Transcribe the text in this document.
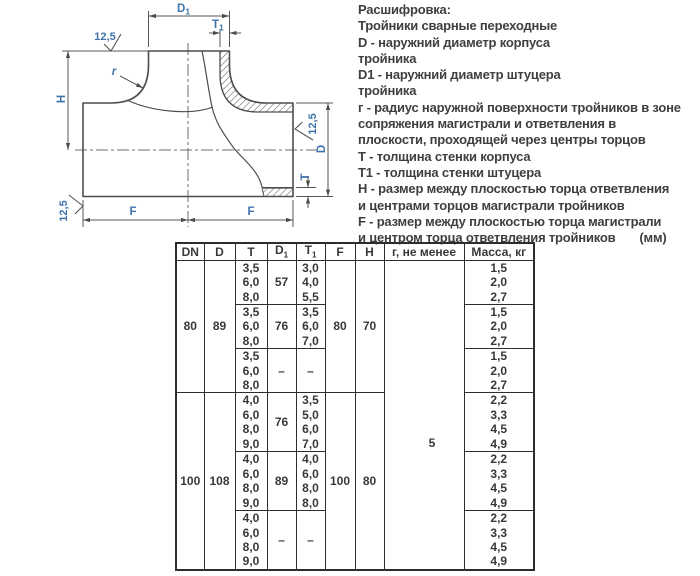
$D_1$
$T_1$
12,5
r
H
12,5
D
T
F	F
12,5
Расшифровка:
Тройники сварные переходные
D - наружний диаметр корпуса
тройника
D1 - наружний диаметр штуцера
тройника
г - радиус наружной поверхности тройников в зоне
сопряжения магистрали и ответвления в
плоскости, проходящей через центры торцов
T - толщина стенки корпуса
T1 - толщина стенки штуцера
H - размер между плоскостью торца ответвления
и центрами торцов магистрали тройников
F - размер между плоскостью торца магистрали
и центром торца ответвления тройников (мм)
DN	D	T	$D_1$	$T_1$	F	H	г, не менее	Масса, кг
80	89	3,5	57	3,0	80	70	5	1,5
		6,0		4,0				2,0
		8,0		5,5				2,7
		3,5	76	3,5				1,5
		6,0		6,0				2,0
		8,0		7,0				2,7
		3,5	–	–				1,5
		6,0						2,0
		8,0						2,7
100	108	4,0	76	3,5	100	80		2,2
		6,0		5,0				3,3
		8,0		6,0				4,5
		9,0		7,0				4,9
		4,0	89	4,0				2,2
		6,0		6,0				3,3
		8,0		8,0				4,5
		9,0		8,0				4,9
		4,0	–	–				2,2
		6,0						3,3
		8,0						4,5
		9,0						4,9
